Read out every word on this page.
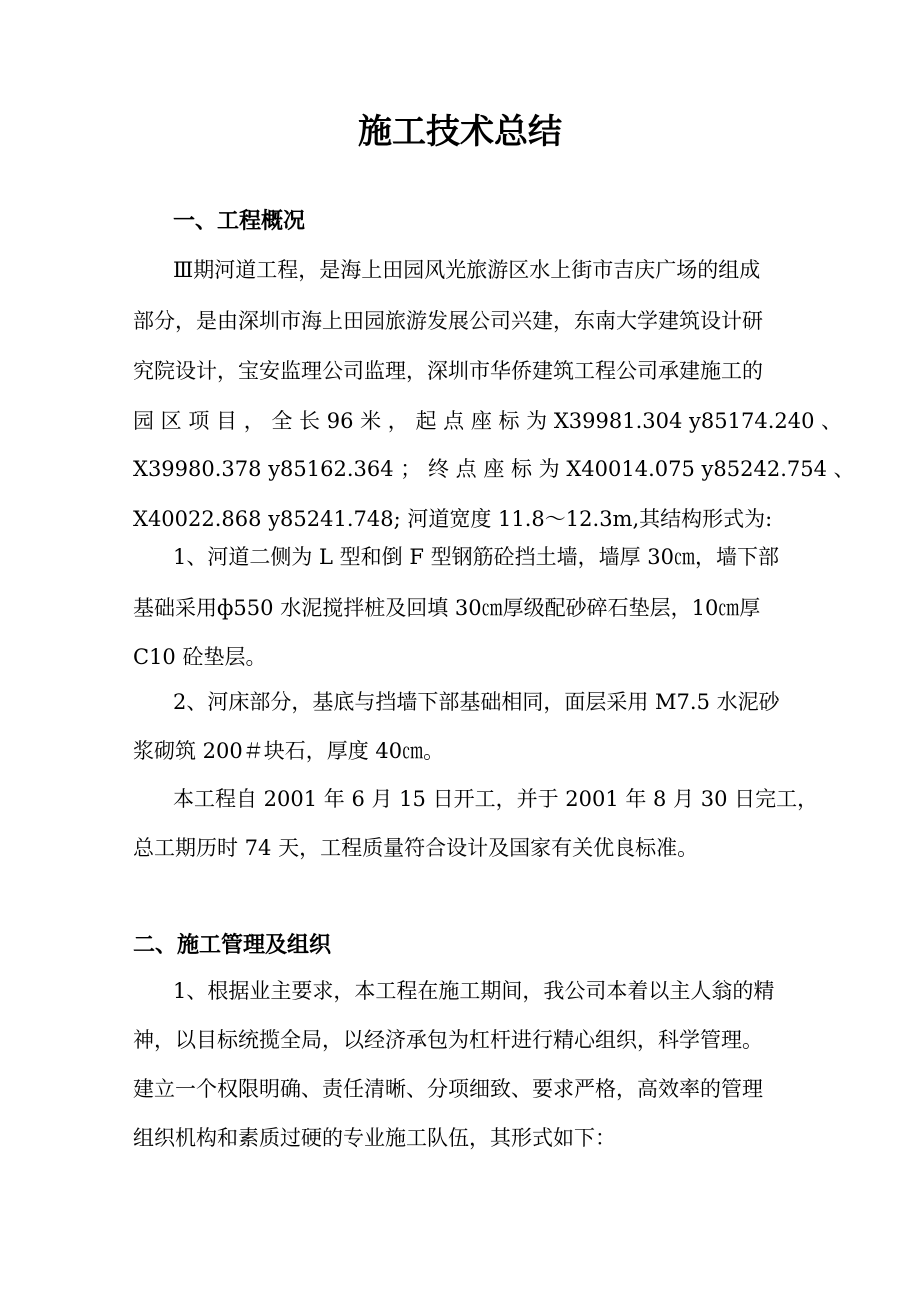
施工技术总结
一、工程概况
Ⅲ期河道工程，是海上田园风光旅游区水上街市吉庆广场的组成
部分，是由深圳市海上田园旅游发展公司兴建，东南大学建筑设计研
究院设计，宝安监理公司监理，深圳市华侨建筑工程公司承建施工的
园 区 项 目 ， 全 长 96 米 ， 起 点 座 标 为 X39981.304 y85174.240 、
X39980.378 y85162.364 ； 终 点 座 标 为 X40014.075 y85242.754 、
X40022.868 y85241.748; 河道宽度 11.8～12.3m,其结构形式为:
1、河道二侧为 L 型和倒 F 型钢筋砼挡土墙，墙厚 30㎝，墙下部
基础采用ф550 水泥搅拌桩及回填 30㎝厚级配砂碎石垫层，10㎝厚
C10 砼垫层。
2、河床部分，基底与挡墙下部基础相同，面层采用 M7.5 水泥砂
浆砌筑 200＃块石，厚度 40㎝。
本工程自 2001 年 6 月 15 日开工，并于 2001 年 8 月 30 日完工，
总工期历时 74 天，工程质量符合设计及国家有关优良标准。
二、施工管理及组织
1、根据业主要求，本工程在施工期间，我公司本着以主人翁的精
神，以目标统揽全局，以经济承包为杠杆进行精心组织，科学管理。
建立一个权限明确、责任清晰、分项细致、要求严格，高效率的管理
组织机构和素质过硬的专业施工队伍，其形式如下：
